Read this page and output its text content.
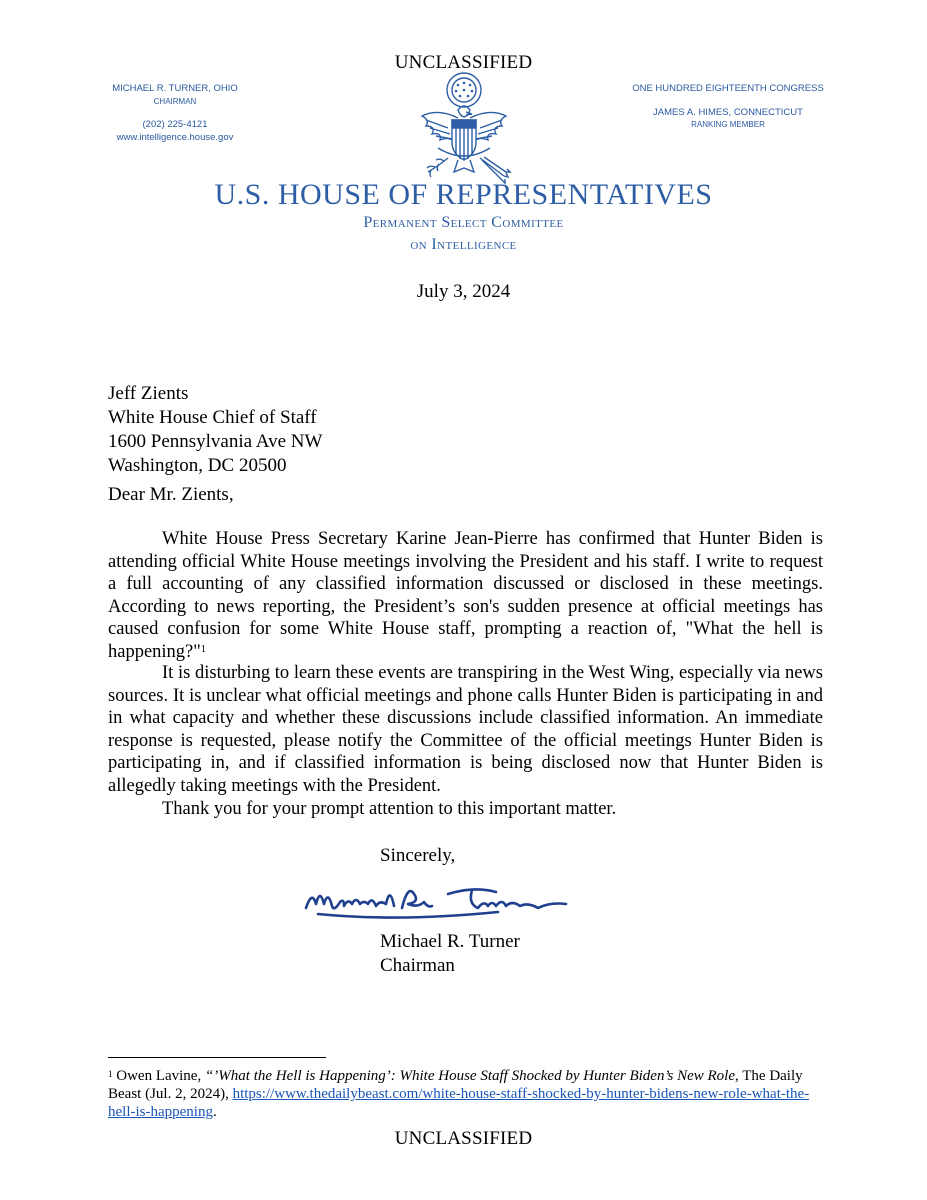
UNCLASSIFIED
MICHAEL R. TURNER, OHIO
CHAIRMAN
(202) 225-4121
www.intelligence.house.gov
ONE HUNDRED EIGHTEENTH CONGRESS
JAMES A. HIMES, CONNECTICUT
RANKING MEMBER
U.S. HOUSE OF REPRESENTATIVES
Permanent Select Committee
on Intelligence
July 3, 2024
Jeff Zients
White House Chief of Staff
1600 Pennsylvania Ave NW
Washington, DC 20500
Dear Mr. Zients,
White House Press Secretary Karine Jean-Pierre has confirmed that Hunter Biden is attending official White House meetings involving the President and his staff. I write to request a full accounting of any classified information discussed or disclosed in these meetings. According to news reporting, the President’s son's sudden presence at official meetings has caused confusion for some White House staff, prompting a reaction of, "What the hell is happening?"$^1$
It is disturbing to learn these events are transpiring in the West Wing, especially via news sources. It is unclear what official meetings and phone calls Hunter Biden is participating in and in what capacity and whether these discussions include classified information. An immediate response is requested, please notify the Committee of the official meetings Hunter Biden is participating in, and if classified information is being disclosed now that Hunter Biden is allegedly taking meetings with the President.
Thank you for your prompt attention to this important matter.
Sincerely,
Michael R. Turner
Chairman
$^1$ Owen Lavine, “’What the Hell is Happening’: White House Staff Shocked by Hunter Biden’s New Role, The Daily Beast (Jul. 2, 2024), https://www.thedailybeast.com/white-house-staff-shocked-by-hunter-bidens-new-role-what-the-hell-is-happening.
UNCLASSIFIED
